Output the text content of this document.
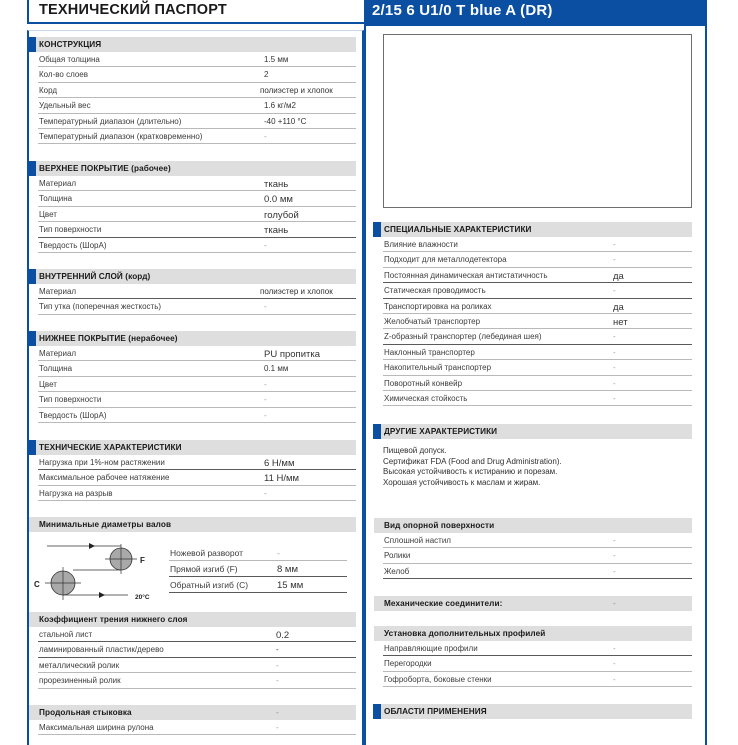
ТЕХНИЧЕСКИЙ ПАСПОРТ	2/15 6 U1/0 T blue A (DR)
КОНСТРУКЦИЯ
Общая толщина	1.5 мм
Кол-во слоев	2
Корд	полиэстер и хлопок
Удельный вес	1.6 кг/м2
Температурный диапазон (длительно)	-40 +110 °C
Температурный диапазон (кратковременно)	-
ВЕРХНЕЕ ПОКРЫТИЕ (рабочее)
Материал	ткань
Толщина	0.0 мм
Цвет	голубой
Тип поверхности	ткань
Твердость (ШорА)	-
ВНУТРЕННИЙ СЛОЙ (корд)
Материал	полиэстер и хлопок
Тип утка (поперечная жесткость)	-
НИЖНЕЕ ПОКРЫТИЕ (нерабочее)
Материал	PU пропитка
Толщина	0.1 мм
Цвет	-
Тип поверхности	-
Твердость (ШорА)	-
ТЕХНИЧЕСКИЕ ХАРАКТЕРИСТИКИ
Нагрузка при 1%-ном растяжении	6 Н/мм
Максимальное рабочее натяжение	11 Н/мм
Нагрузка на разрыв	-
Минимальные диаметры валов
F
C
20°C
Ножевой разворот	-
Прямой изгиб (F)	8 мм
Обратный изгиб (C)	15 мм
Коэффициент трения нижнего слоя
стальной лист	0.2
ламинированный пластик/дерево	-
металлический ролик	-
прорезиненный ролик	-
Продольная стыковка	-
Максимальная ширина рулона	-
СПЕЦИАЛЬНЫЕ ХАРАКТЕРИСТИКИ
Влияние влажности	-
Подходит для металлодетектора	-
Постоянная динамическая антистатичность	да
Статическая проводимость	-
Транспортировка на роликах	да
Желобчатый транспортер	нет
Z-образный транспортер (лебединая шея)	-
Наклонный транспортер	-
Накопительный транспортер	-
Поворотный конвейр	-
Химическая стойкость	-
ДРУГИЕ ХАРАКТЕРИСТИКИ
Пищевой допуск.
Сертификат FDA (Food and Drug Administration).
Высокая устойчивость к истиранию и порезам.
Хорошая устойчивость к маслам и жирам.
Вид опорной поверхности
Сплошной настил	-
Ролики	-
Желоб	-
Механические соединители:	-
Установка дополнительных профилей
Направляющие профили	-
Перегородки	-
Гофроборта, боковые стенки	-
ОБЛАСТИ ПРИМЕНЕНИЯ
